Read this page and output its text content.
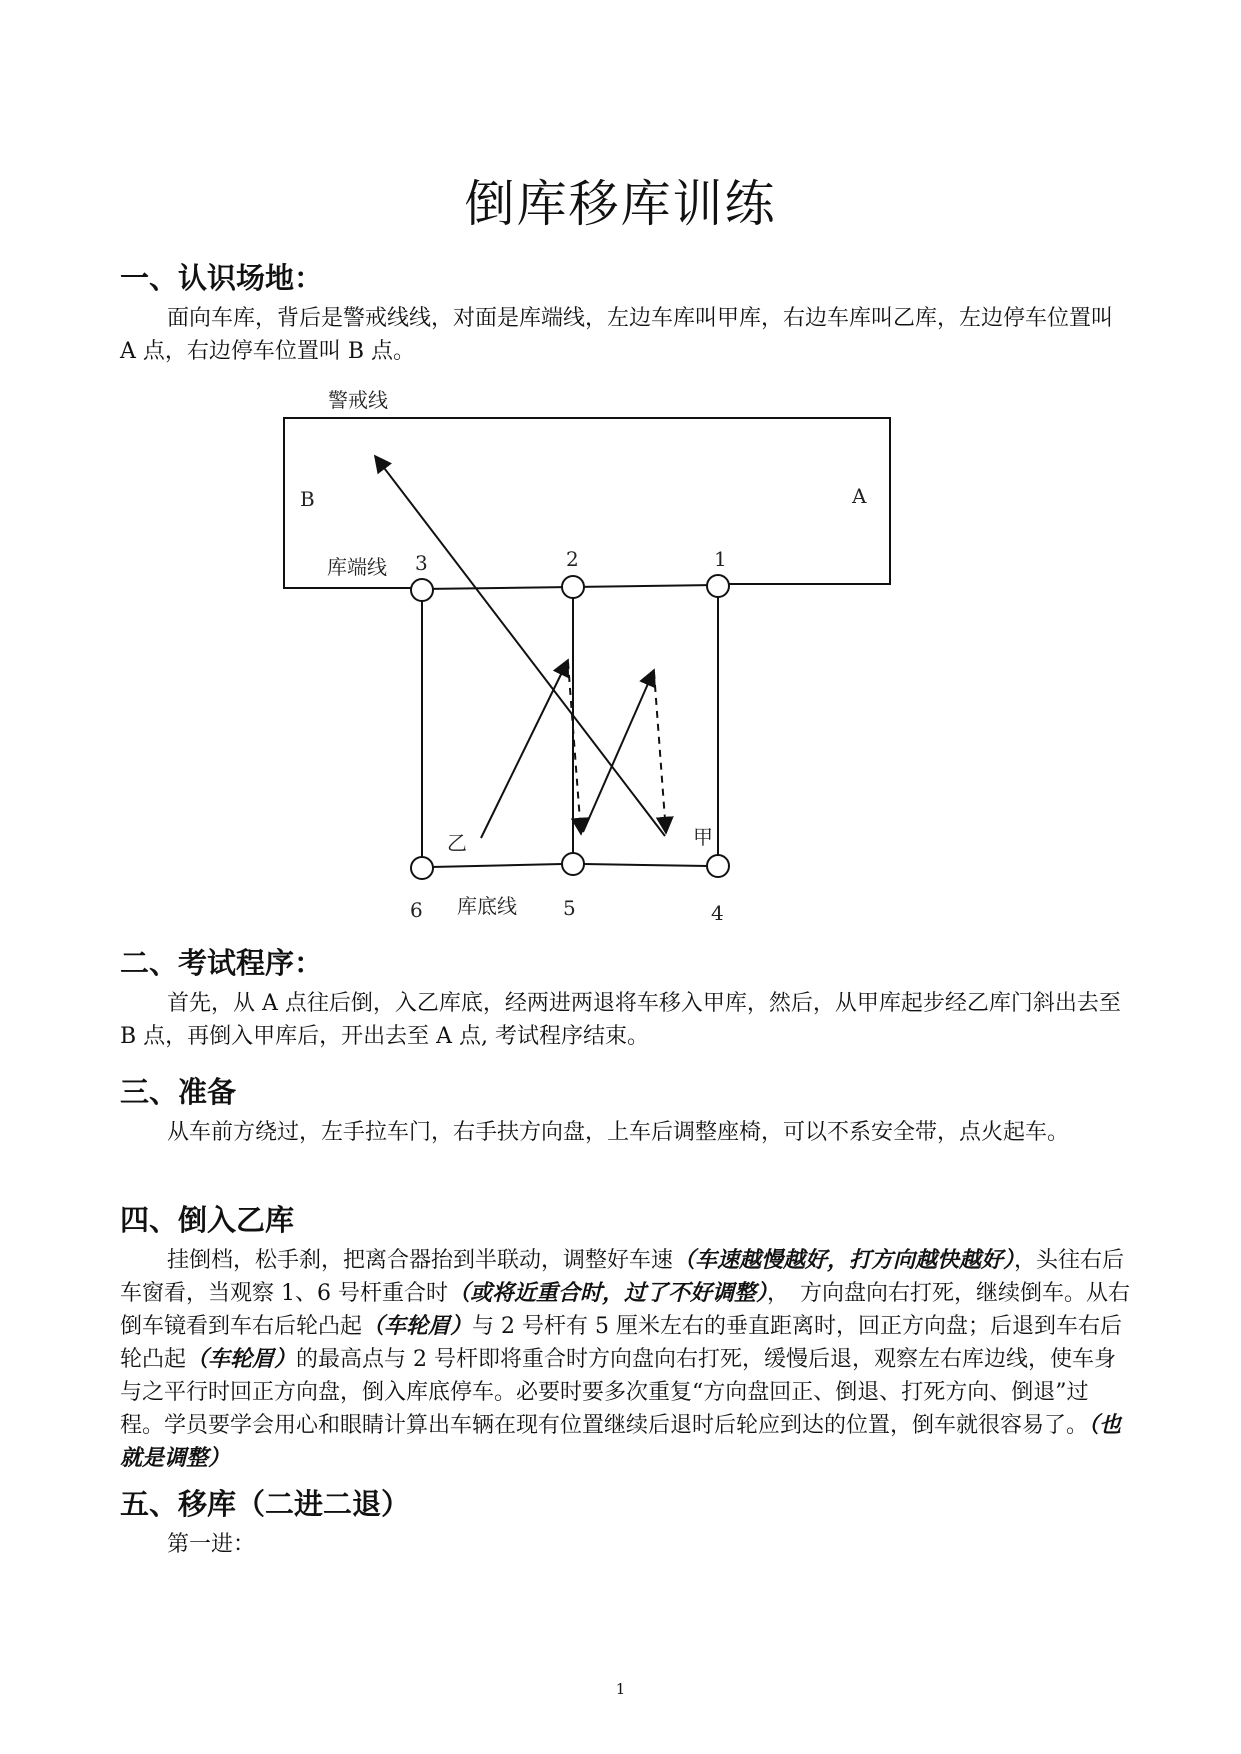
倒库移库训练
一、认识场地：

面向车库，背后是警戒线线，对面是库端线，左边车库叫甲库，右边车库叫乙库，左边停车位置叫 A 点，右边停车位置叫 B 点。

警戒线
B	A
库端线 3	2	1
乙	甲
6 库底线 5	4
二、考试程序：

首先，从 A 点往后倒，入乙库底，经两进两退将车移入甲库，然后，从甲库起步经乙库门斜出去至 B 点，再倒入甲库后，开出去至 A 点, 考试程序结束。

三、准备

从车前方绕过，左手拉车门，右手扶方向盘，上车后调整座椅，可以不系安全带，点火起车。

四、倒入乙库

挂倒档，松手刹，把离合器抬到半联动，调整好车速（车速越慢越好，打方向越快越好），头往右后车窗看，当观察 1、6 号杆重合时（或将近重合时，过了不好调整），　方向盘向右打死，继续倒车。从右倒车镜看到车右后轮凸起（车轮眉）与 2 号杆有 5 厘米左右的垂直距离时，回正方向盘；后退到车右后轮凸起（车轮眉）的最高点与 2 号杆即将重合时方向盘向右打死，缓慢后退，观察左右库边线，使车身与之平行时回正方向盘，倒入库底停车。必要时要多次重复“方向盘回正、倒退、打死方向、倒退”过程。学员要学会用心和眼睛计算出车辆在现有位置继续后退时后轮应到达的位置，倒车就很容易了。（也就是调整）

五、移库（二进二退）

第一进：

1
